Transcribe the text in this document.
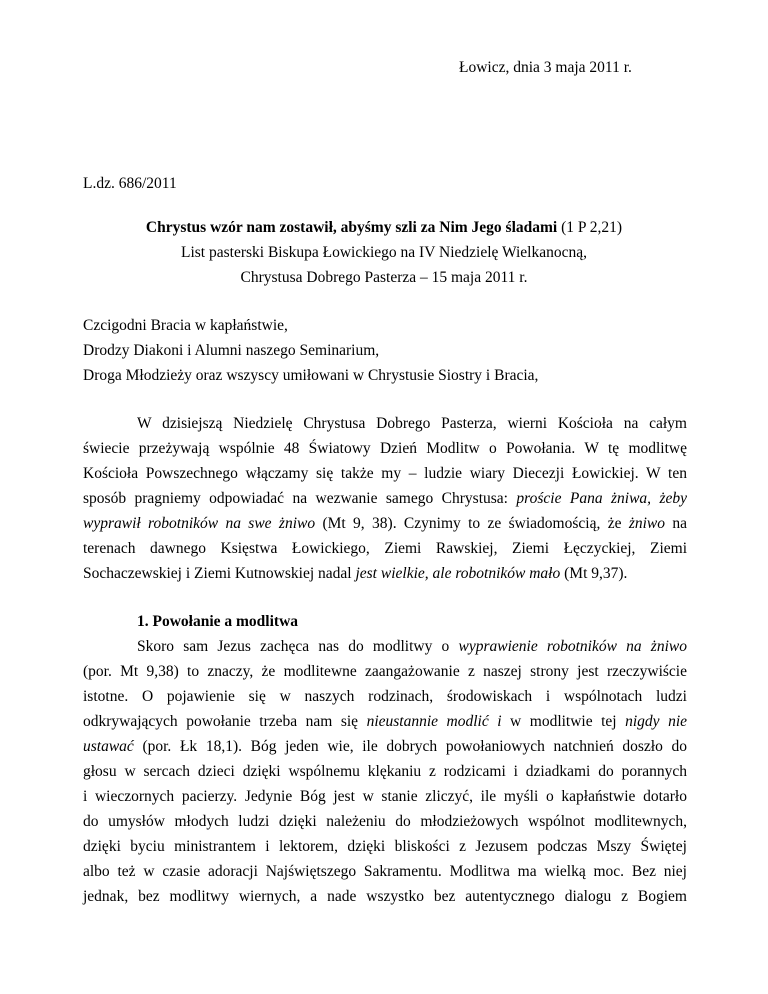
Łowicz, dnia 3 maja 2011 r.
L.dz. 686/2011
Chrystus wzór nam zostawił, abyśmy szli za Nim Jego śladami (1 P 2,21)
List pasterski Biskupa Łowickiego na IV Niedzielę Wielkanocną,
Chrystusa Dobrego Pasterza – 15 maja 2011 r.
Czcigodni Bracia w kapłaństwie,
Drodzy Diakoni i Alumni naszego Seminarium,
Droga Młodzieży oraz wszyscy umiłowani w Chrystusie Siostry i Bracia,
W dzisiejszą Niedzielę Chrystusa Dobrego Pasterza, wierni Kościoła na całym
świecie przeżywają wspólnie 48 Światowy Dzień Modlitw o Powołania. W tę modlitwę
Kościoła Powszechnego włączamy się także my – ludzie wiary Diecezji Łowickiej. W ten
sposób pragniemy odpowiadać na wezwanie samego Chrystusa: proście Pana żniwa, żeby
wyprawił robotników na swe żniwo (Mt 9, 38). Czynimy to ze świadomością, że żniwo na
terenach dawnego Księstwa Łowickiego, Ziemi Rawskiej, Ziemi Łęczyckiej, Ziemi
Sochaczewskiej i Ziemi Kutnowskiej nadal jest wielkie, ale robotników mało (Mt 9,37).
1. Powołanie a modlitwa
Skoro sam Jezus zachęca nas do modlitwy o wyprawienie robotników na żniwo
(por. Mt 9,38) to znaczy, że modlitewne zaangażowanie z naszej strony jest rzeczywiście
istotne. O pojawienie się w naszych rodzinach, środowiskach i wspólnotach ludzi
odkrywających powołanie trzeba nam się nieustannie modlić i w modlitwie tej nigdy nie
ustawać (por. Łk 18,1). Bóg jeden wie, ile dobrych powołaniowych natchnień doszło do
głosu w sercach dzieci dzięki wspólnemu klękaniu z rodzicami i dziadkami do porannych
i wieczornych pacierzy. Jedynie Bóg jest w stanie zliczyć, ile myśli o kapłaństwie dotarło
do umysłów młodych ludzi dzięki należeniu do młodzieżowych wspólnot modlitewnych,
dzięki byciu ministrantem i lektorem, dzięki bliskości z Jezusem podczas Mszy Świętej
albo też w czasie adoracji Najświętszego Sakramentu. Modlitwa ma wielką moc. Bez niej
jednak, bez modlitwy wiernych, a nade wszystko bez autentycznego dialogu z Bogiem
